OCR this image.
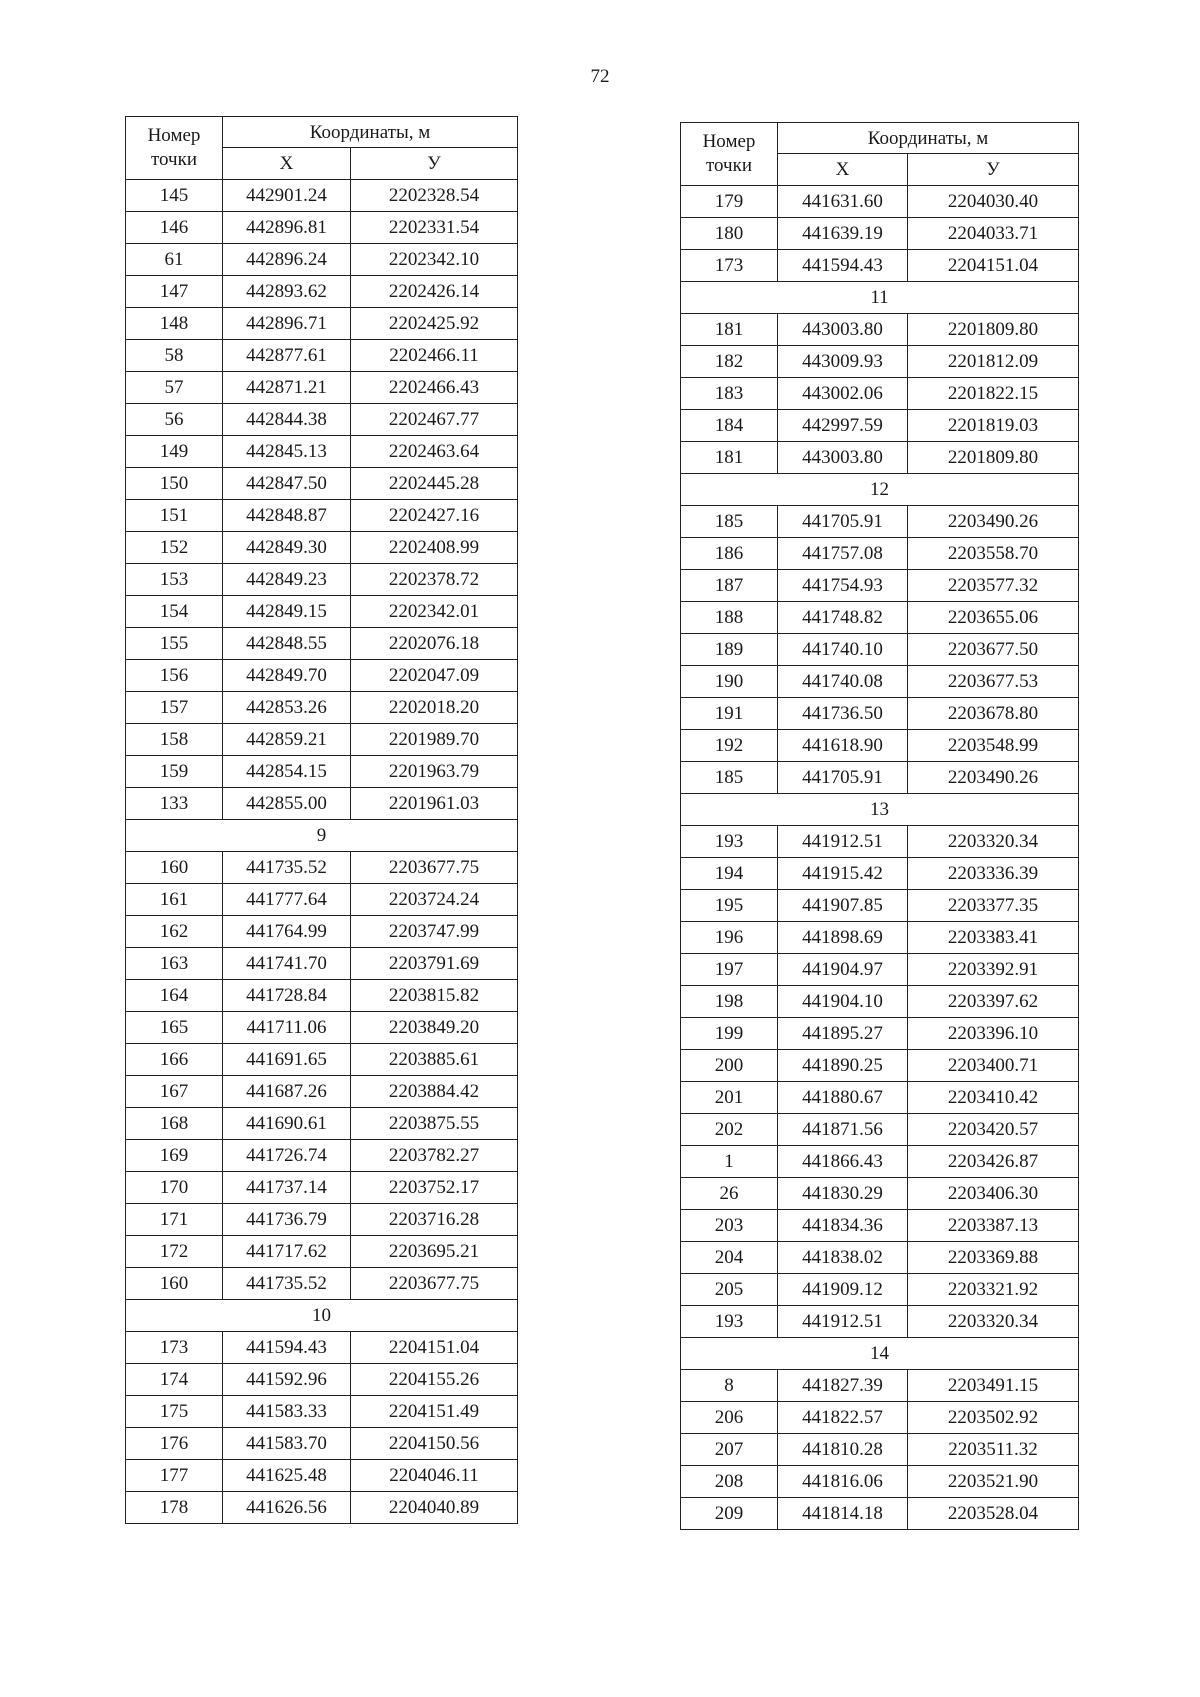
72
Номер
точки	Координаты, м	
	Х	У
145	442901.24	2202328.54
146	442896.81	2202331.54
61	442896.24	2202342.10
147	442893.62	2202426.14
148	442896.71	2202425.92
58	442877.61	2202466.11
57	442871.21	2202466.43
56	442844.38	2202467.77
149	442845.13	2202463.64
150	442847.50	2202445.28
151	442848.87	2202427.16
152	442849.30	2202408.99
153	442849.23	2202378.72
154	442849.15	2202342.01
155	442848.55	2202076.18
156	442849.70	2202047.09
157	442853.26	2202018.20
158	442859.21	2201989.70
159	442854.15	2201963.79
133	442855.00	2201961.03
9		
160	441735.52	2203677.75
161	441777.64	2203724.24
162	441764.99	2203747.99
163	441741.70	2203791.69
164	441728.84	2203815.82
165	441711.06	2203849.20
166	441691.65	2203885.61
167	441687.26	2203884.42
168	441690.61	2203875.55
169	441726.74	2203782.27
170	441737.14	2203752.17
171	441736.79	2203716.28
172	441717.62	2203695.21
160	441735.52	2203677.75
10		
173	441594.43	2204151.04
174	441592.96	2204155.26
175	441583.33	2204151.49
176	441583.70	2204150.56
177	441625.48	2204046.11
178	441626.56	2204040.89
Номер
точки	Координаты, м	
	Х	У
179	441631.60	2204030.40
180	441639.19	2204033.71
173	441594.43	2204151.04
11		
181	443003.80	2201809.80
182	443009.93	2201812.09
183	443002.06	2201822.15
184	442997.59	2201819.03
181	443003.80	2201809.80
12		
185	441705.91	2203490.26
186	441757.08	2203558.70
187	441754.93	2203577.32
188	441748.82	2203655.06
189	441740.10	2203677.50
190	441740.08	2203677.53
191	441736.50	2203678.80
192	441618.90	2203548.99
185	441705.91	2203490.26
13		
193	441912.51	2203320.34
194	441915.42	2203336.39
195	441907.85	2203377.35
196	441898.69	2203383.41
197	441904.97	2203392.91
198	441904.10	2203397.62
199	441895.27	2203396.10
200	441890.25	2203400.71
201	441880.67	2203410.42
202	441871.56	2203420.57
1	441866.43	2203426.87
26	441830.29	2203406.30
203	441834.36	2203387.13
204	441838.02	2203369.88
205	441909.12	2203321.92
193	441912.51	2203320.34
14		
8	441827.39	2203491.15
206	441822.57	2203502.92
207	441810.28	2203511.32
208	441816.06	2203521.90
209	441814.18	2203528.04
